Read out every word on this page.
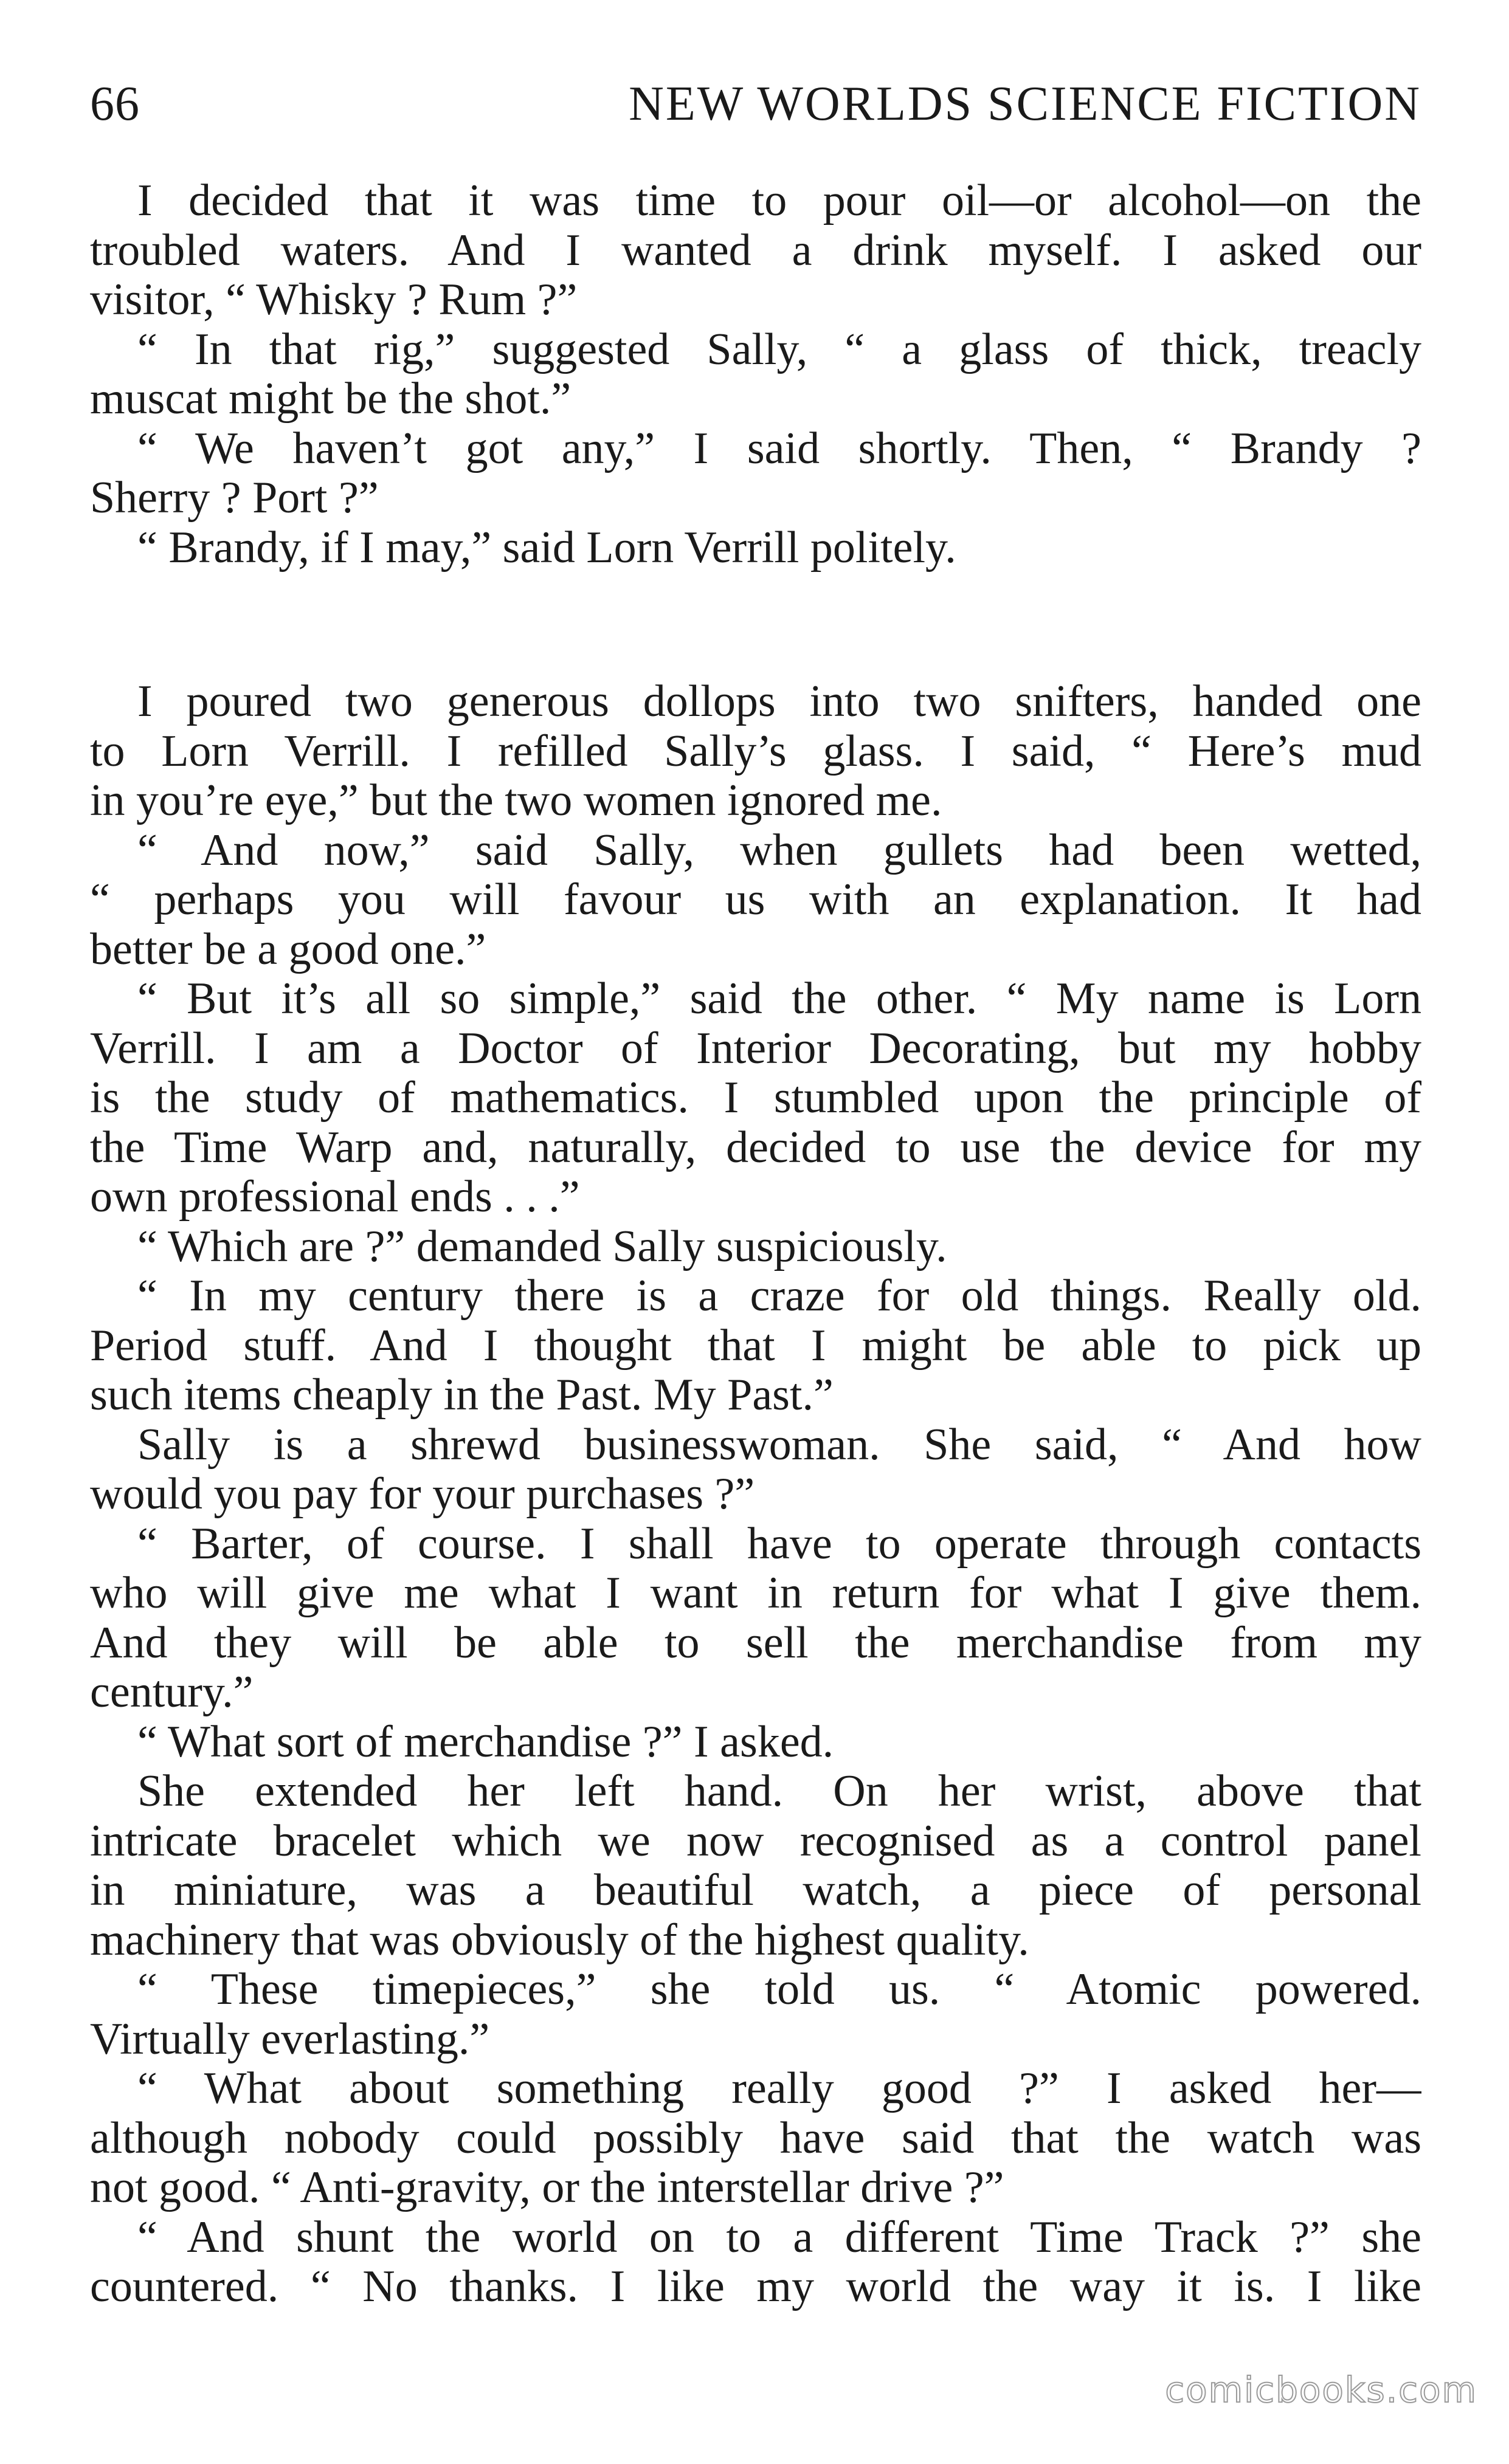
66	NEW WORLDS SCIENCE FICTION
I decided that it was time to pour oil—or alcohol—on the
troubled waters. And I wanted a drink myself. I asked our
visitor, “ Whisky ? Rum ?”
“ In that rig,” suggested Sally, “ a glass of thick, treacly
muscat might be the shot.”
“ We haven’t got any,” I said shortly. Then, “ Brandy ?
Sherry ? Port ?”
“ Brandy, if I may,” said Lorn Verrill politely.
I poured two generous dollops into two snifters, handed one
to Lorn Verrill. I refilled Sally’s glass. I said, “ Here’s mud
in you’re eye,” but the two women ignored me.
“ And now,” said Sally, when gullets had been wetted,
“ perhaps you will favour us with an explanation. It had
better be a good one.”
“ But it’s all so simple,” said the other. “ My name is Lorn
Verrill. I am a Doctor of Interior Decorating, but my hobby
is the study of mathematics. I stumbled upon the principle of
the Time Warp and, naturally, decided to use the device for my
own professional ends . . .”
“ Which are ?” demanded Sally suspiciously.
“ In my century there is a craze for old things. Really old.
Period stuff. And I thought that I might be able to pick up
such items cheaply in the Past. My Past.”
Sally is a shrewd businesswoman. She said, “ And how
would you pay for your purchases ?”
“ Barter, of course. I shall have to operate through contacts
who will give me what I want in return for what I give them.
And they will be able to sell the merchandise from my
century.”
“ What sort of merchandise ?” I asked.
She extended her left hand. On her wrist, above that
intricate bracelet which we now recognised as a control panel
in miniature, was a beautiful watch, a piece of personal
machinery that was obviously of the highest quality.
“ These timepieces,” she told us. “ Atomic powered.
Virtually everlasting.”
“ What about something really good ?” I asked her—
although nobody could possibly have said that the watch was
not good. “ Anti-gravity, or the interstellar drive ?”
“ And shunt the world on to a different Time Track ?” she
countered. “ No thanks. I like my world the way it is. I like
comicbooks.com
